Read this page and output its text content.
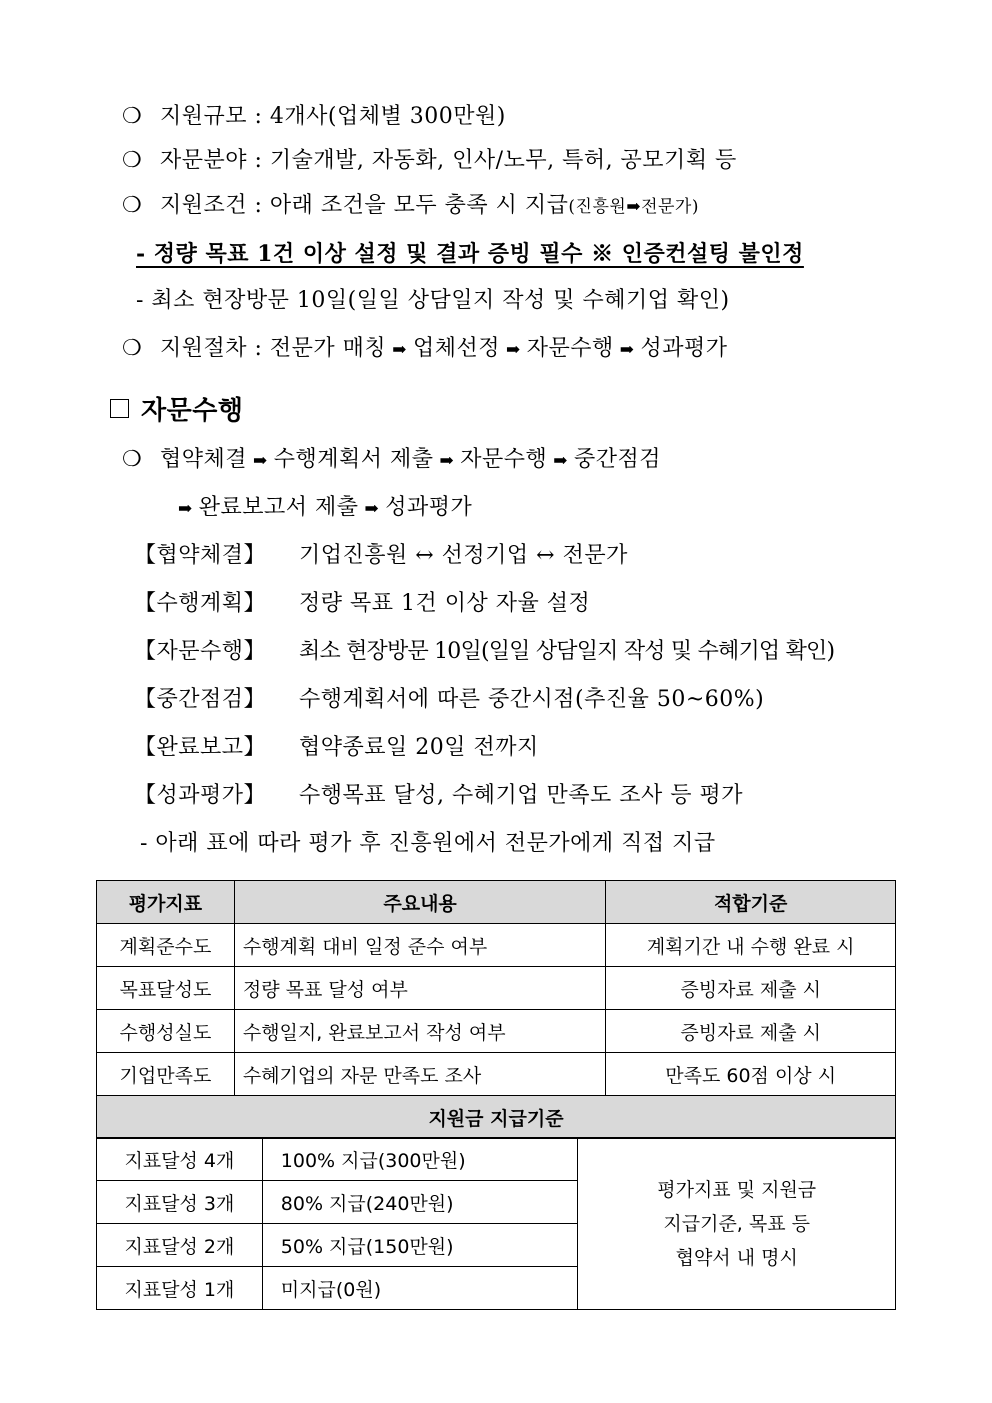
❍ 지원규모 : 4개사(업체별 300만원)
❍ 자문분야 : 기술개발, 자동화, 인사/노무, 특허, 공모기획 등
❍ 지원조건 : 아래 조건을 모두 충족 시 지급(진흥원➡전문가)
- 정량 목표 1건 이상 설정 및 결과 증빙 필수 ※ 인증컨설팅 불인정
- 최소 현장방문 10일(일일 상담일지 작성 및 수혜기업 확인)
❍ 지원절차 : 전문가 매칭 ➡ 업체선정 ➡ 자문수행 ➡ 성과평가
자문수행
❍ 협약체결 ➡ 수행계획서 제출 ➡ 자문수행 ➡ 중간점검
➡ 완료보고서 제출 ➡ 성과평가
【협약체결】 기업진흥원 ↔ 선정기업 ↔ 전문가
【수행계획】 정량 목표 1건 이상 자율 설정
【자문수행】 최소 현장방문 10일(일일 상담일지 작성 및 수혜기업 확인)
【중간점검】 수행계획서에 따른 중간시점(추진율 50~60%)
【완료보고】 협약종료일 20일 전까지
【성과평가】 수행목표 달성, 수혜기업 만족도 조사 등 평가
- 아래 표에 따라 평가 후 진흥원에서 전문가에게 직접 지급
평가지표	주요내용	적합기준
계획준수도	수행계획 대비 일정 준수 여부	계획기간 내 수행 완료 시
목표달성도	정량 목표 달성 여부	증빙자료 제출 시
수행성실도	수행일지, 완료보고서 작성 여부	증빙자료 제출 시
기업만족도	수혜기업의 자문 만족도 조사	만족도 60점 이상 시
지원금 지급기준		
지표달성 4개	100% 지급(300만원)	평가지표 및 지원금
지급기준, 목표 등
협약서 내 명시

지표달성 3개	80% 지급(240만원)	
지표달성 2개	50% 지급(150만원)	
지표달성 1개	미지급(0원)	
